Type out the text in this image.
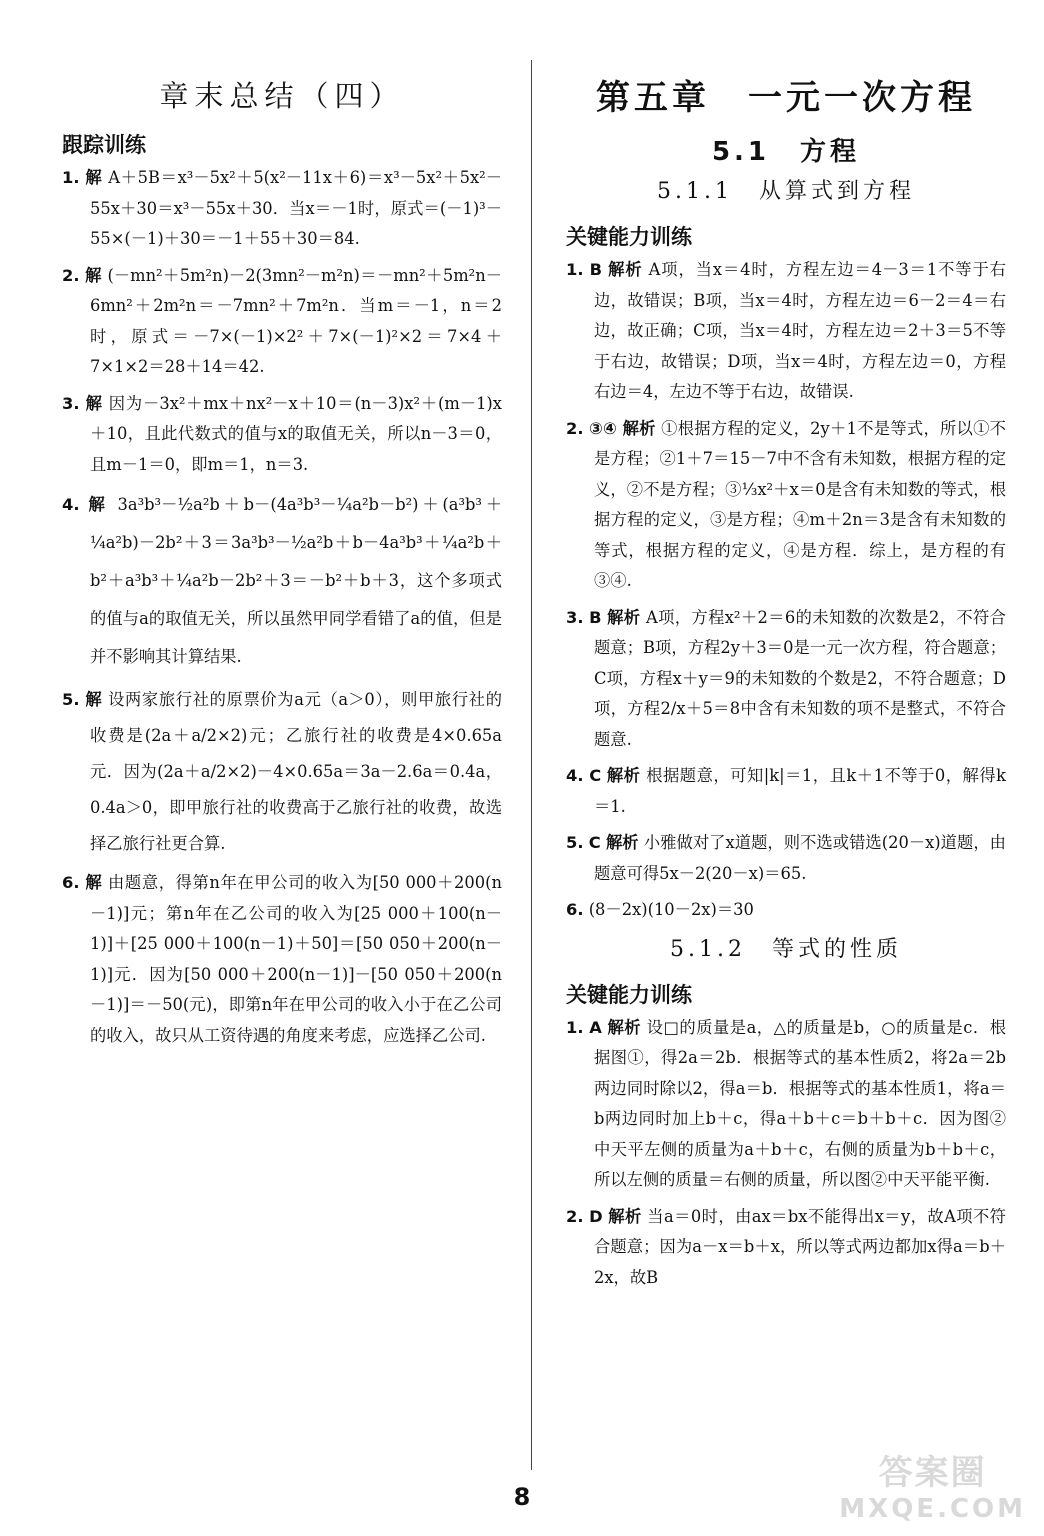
章末总结（四）
跟踪训练
1. 解 A＋5B＝x³－5x²＋5(x²－11x＋6)＝x³－5x²＋5x²－55x＋30＝x³－55x＋30．当x＝－1时，原式＝(－1)³－55×(－1)＋30＝－1＋55＋30＝84.
2. 解 (－mn²＋5m²n)－2(3mn²－m²n)＝－mn²＋5m²n－6mn²＋2m²n＝－7mn²＋7m²n．当m＝－1，n＝2时，原式＝－7×(－1)×2²＋7×(－1)²×2＝7×4＋7×1×2＝28＋14＝42.
3. 解 因为－3x²＋mx＋nx²－x＋10＝(n－3)x²＋(m－1)x＋10，且此代数式的值与x的取值无关，所以n－3＝0，且m－1＝0，即m＝1，n＝3.
4. 解 3a³b³－½a²b＋b－(4a³b³－¼a²b－b²)＋(a³b³＋¼a²b)－2b²＋3＝3a³b³－½a²b＋b－4a³b³＋¼a²b＋b²＋a³b³＋¼a²b－2b²＋3＝－b²＋b＋3，这个多项式的值与a的取值无关，所以虽然甲同学看错了a的值，但是并不影响其计算结果.
5. 解 设两家旅行社的原票价为a元（a＞0），则甲旅行社的收费是(2a＋a/2×2)元；乙旅行社的收费是4×0.65a元．因为(2a＋a/2×2)－4×0.65a＝3a－2.6a＝0.4a，0.4a＞0，即甲旅行社的收费高于乙旅行社的收费，故选择乙旅行社更合算.
6. 解 由题意，得第n年在甲公司的收入为[50 000＋200(n－1)]元；第n年在乙公司的收入为[25 000＋100(n－1)]＋[25 000＋100(n－1)＋50]＝[50 050＋200(n－1)]元．因为[50 000＋200(n－1)]－[50 050＋200(n－1)]＝－50(元)，即第n年在甲公司的收入小于在乙公司的收入，故只从工资待遇的角度来考虑，应选择乙公司.
第五章　一元一次方程
5.1　方程
5.1.1　从算式到方程
关键能力训练
1. B 解析 A项，当x＝4时，方程左边＝4－3＝1不等于右边，故错误；B项，当x＝4时，方程左边＝6－2＝4＝右边，故正确；C项，当x＝4时，方程左边＝2＋3＝5不等于右边，故错误；D项，当x＝4时，方程左边＝0，方程右边＝4，左边不等于右边，故错误.
2. ③④ 解析 ①根据方程的定义，2y＋1不是等式，所以①不是方程；②1＋7＝15－7中不含有未知数，根据方程的定义，②不是方程；③⅓x²＋x＝0是含有未知数的等式，根据方程的定义，③是方程；④m＋2n＝3是含有未知数的等式，根据方程的定义，④是方程．综上，是方程的有③④.
3. B 解析 A项，方程x²＋2＝6的未知数的次数是2，不符合题意；B项，方程2y＋3＝0是一元一次方程，符合题意；C项，方程x＋y＝9的未知数的个数是2，不符合题意；D项，方程2/x＋5＝8中含有未知数的项不是整式，不符合题意.
4. C 解析 根据题意，可知|k|＝1，且k＋1不等于0，解得k＝1.
5. C 解析 小雅做对了x道题，则不选或错选(20－x)道题，由题意可得5x－2(20－x)＝65.
6. (8－2x)(10－2x)＝30
5.1.2　等式的性质
关键能力训练
1. A 解析 设□的质量是a，△的质量是b，○的质量是c．根据图①，得2a＝2b．根据等式的基本性质2，将2a＝2b两边同时除以2，得a＝b．根据等式的基本性质1，将a＝b两边同时加上b＋c，得a＋b＋c＝b＋b＋c．因为图②中天平左侧的质量为a＋b＋c，右侧的质量为b＋b＋c，所以左侧的质量＝右侧的质量，所以图②中天平能平衡.
2. D 解析 当a＝0时，由ax＝bx不能得出x＝y，故A项不符合题意；因为a－x＝b＋x，所以等式两边都加x得a＝b＋2x，故B
8
答案圈
MXQE.COM
